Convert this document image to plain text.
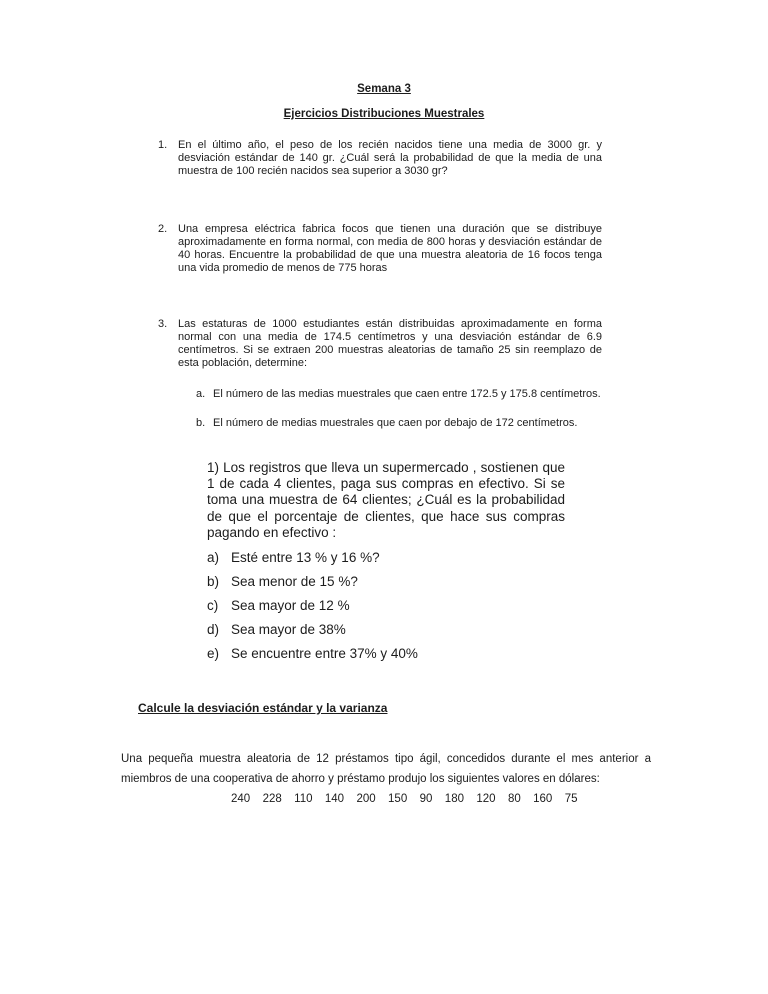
Semana 3
Ejercicios Distribuciones Muestrales
1. En el último año, el peso de los recién nacidos tiene una media de 3000 gr. y desviación estándar de 140 gr. ¿Cuál será la probabilidad de que la media de una muestra de 100 recién nacidos sea superior a 3030 gr?
2. Una empresa eléctrica fabrica focos que tienen una duración que se distribuye aproximadamente en forma normal, con media de 800 horas y desviación estándar de 40 horas. Encuentre la probabilidad de que una muestra aleatoria de 16 focos tenga una vida promedio de menos de 775 horas
3. Las estaturas de 1000 estudiantes están distribuidas aproximadamente en forma normal con una media de 174.5 centímetros y una desviación estándar de 6.9 centímetros. Si se extraen 200 muestras aleatorias de tamaño 25 sin reemplazo de esta población, determine:
a. El número de las medias muestrales que caen entre 172.5 y 175.8 centímetros.
b. El número de medias muestrales que caen por debajo de 172 centímetros.
1) Los registros que lleva un supermercado , sostienen que 1 de cada 4 clientes, paga sus compras en efectivo. Si se toma una muestra de 64 clientes; ¿Cuál es la probabilidad de que el porcentaje de clientes, que hace sus compras pagando en efectivo :
a) Esté entre 13 % y 16 %?
b) Sea menor de 15 %?
c) Sea mayor de 12 %
d) Sea mayor de 38%
e) Se encuentre entre 37% y 40%
Calcule la desviación estándar y la varianza
Una pequeña muestra aleatoria de 12 préstamos tipo ágil, concedidos durante el mes anterior a miembros de una cooperativa de ahorro y préstamo produjo los siguientes valores en dólares:
240  228  110  140  200  150  90  180  120  80  160  75
